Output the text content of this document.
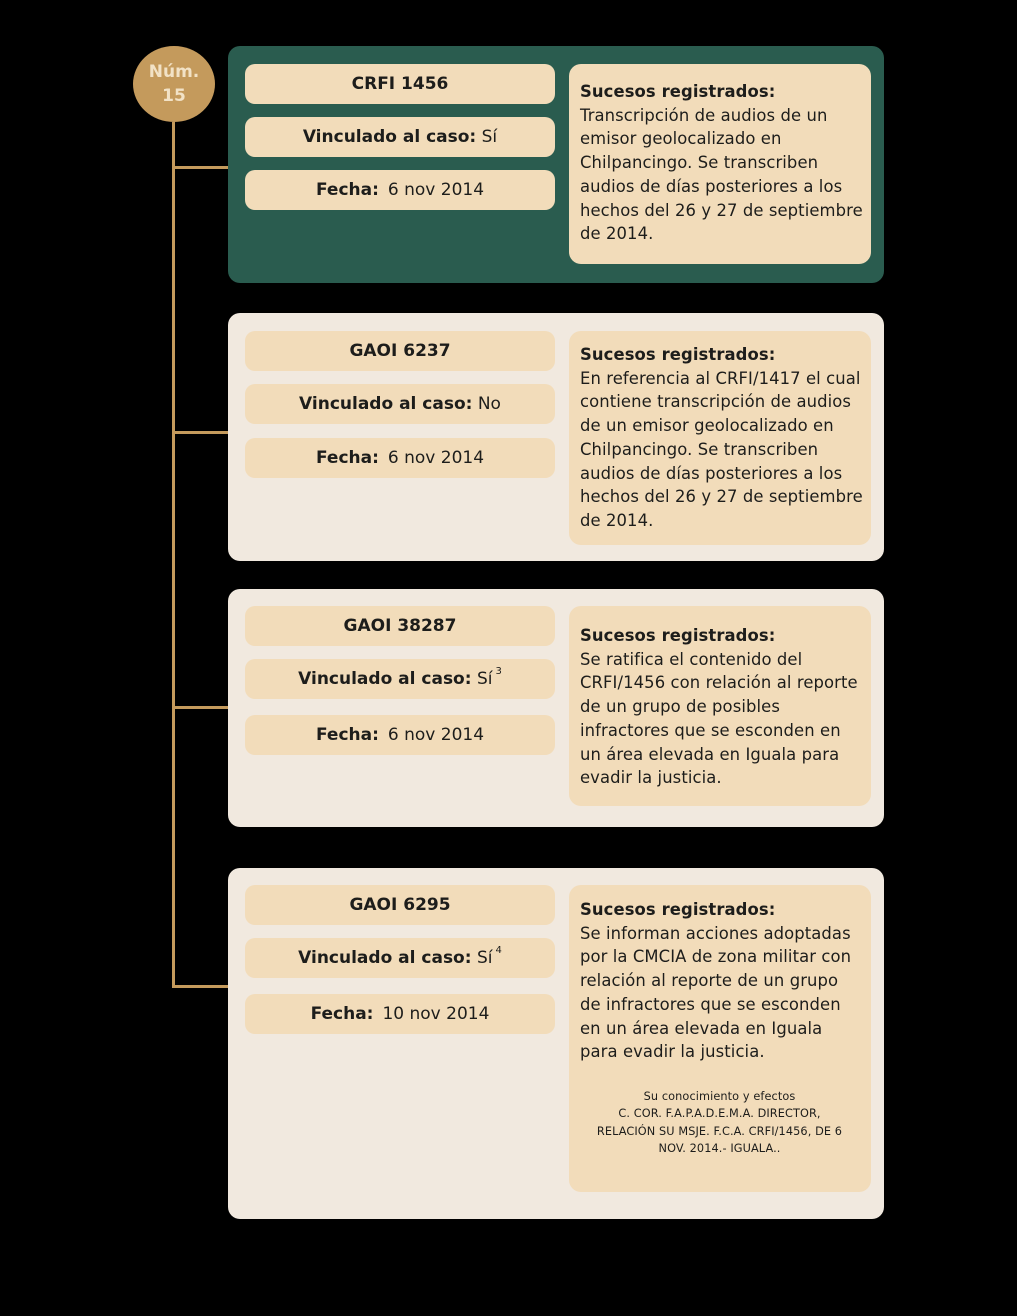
Núm.
15
CRFI 1456
Vinculado al caso:
Sí
Fecha: 6 nov 2014
Sucesos registrados:
Transcripción de audios de un emisor geolocalizado en Chilpancingo. Se transcriben audios de días posteriores a los hechos del 26 y 27 de septiembre de 2014.
GAOI 6237
Vinculado al caso:
No
Fecha: 6 nov 2014
Sucesos registrados:
En referencia al CRFI/1417 el cual contiene transcripción de audios de un emisor geolocalizado en Chilpancingo. Se transcriben audios de días posteriores a los hechos del 26 y 27 de septiembre de 2014.
GAOI 38287
Vinculado al caso:
Sí $^3$
Fecha: 6 nov 2014
Sucesos registrados:
Se ratifica el contenido del CRFI/1456 con relación al reporte de un grupo de posibles infractores que se esconden en un área elevada en Iguala para evadir la justicia.
GAOI 6295
Vinculado al caso:
Sí $^4$
Fecha: 10 nov 2014
Sucesos registrados:
Se informan acciones adoptadas por la CMCIA de zona militar con relación al reporte de un grupo de infractores que se esconden en un área elevada en Iguala para evadir la justicia.
Su conocimiento y efectos
C. COR. F.A.P.A.D.E.M.A. DIRECTOR,
RELACIÓN SU MSJE. F.C.A. CRFI/1456, DE 6
NOV. 2014.- IGUALA..
